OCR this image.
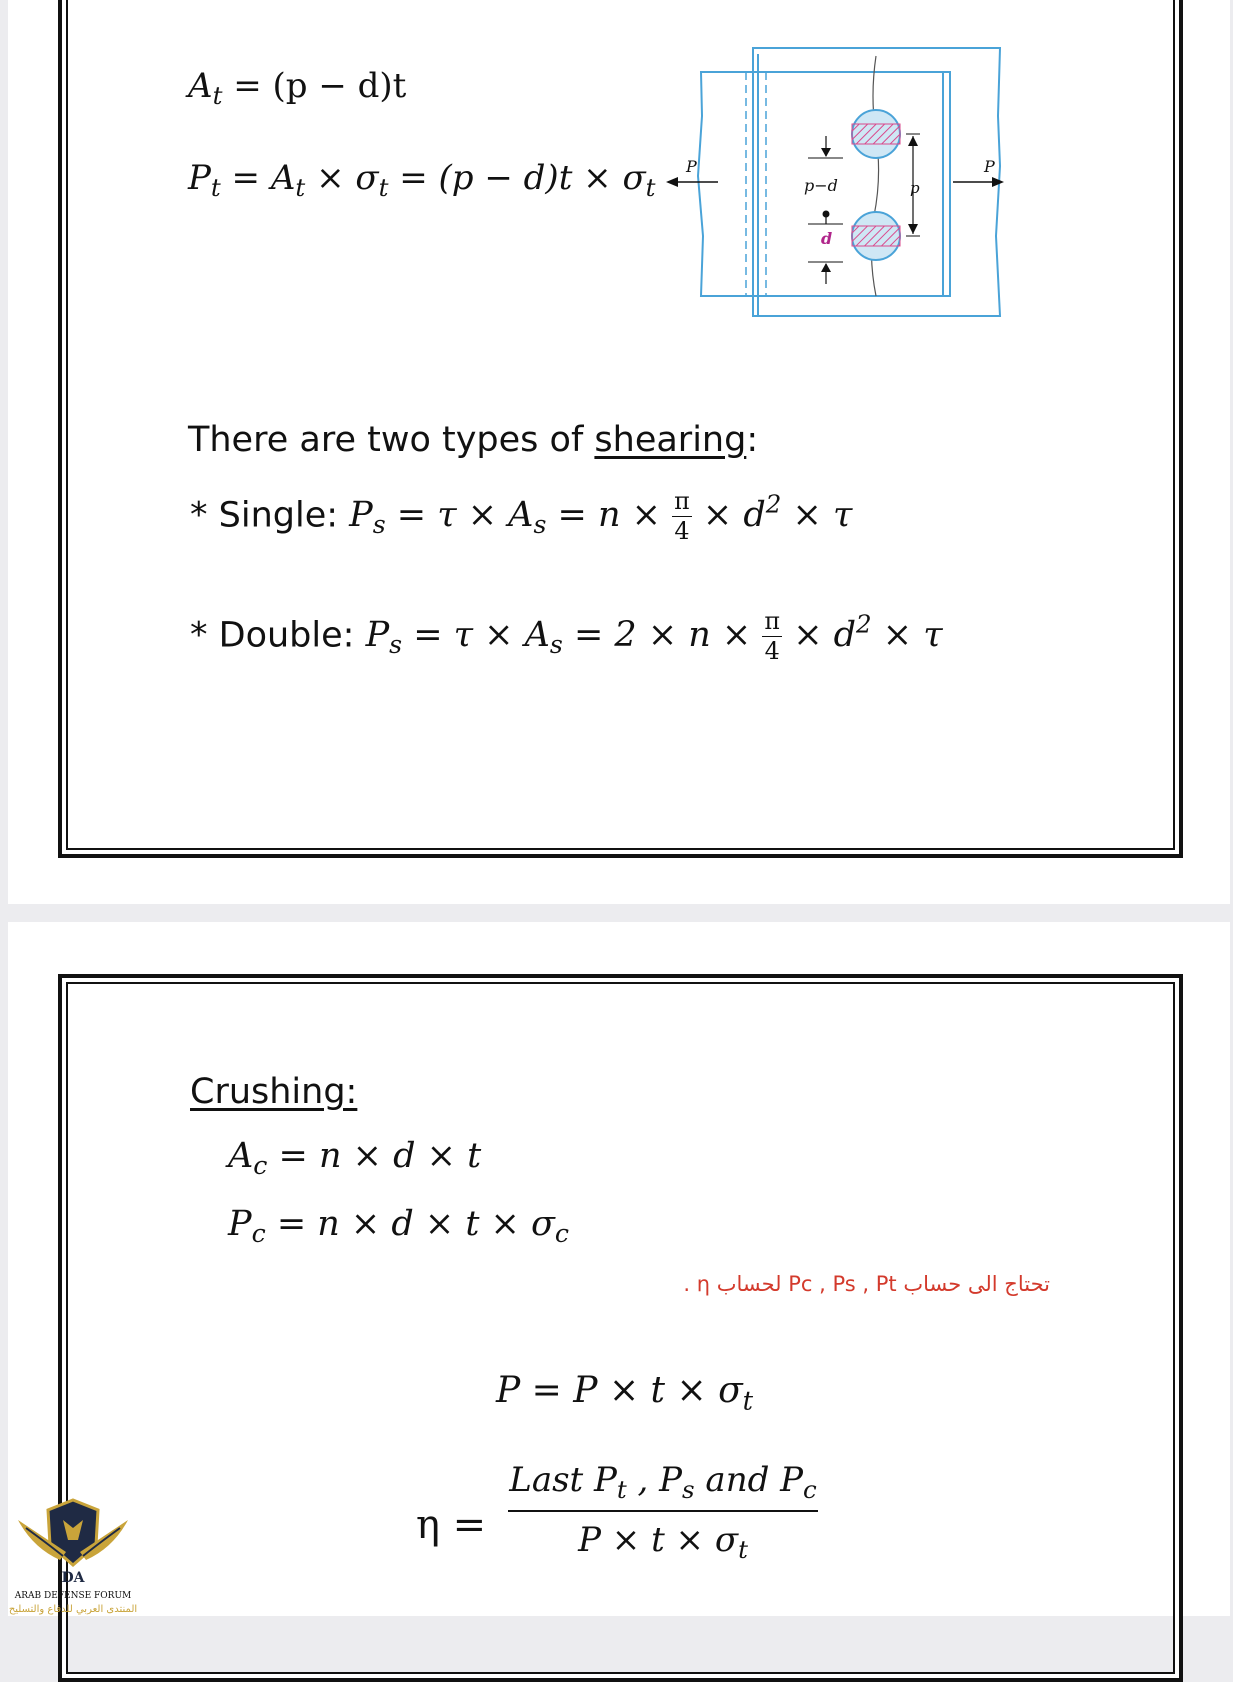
$A_t = (p - d)t$
$P_t = A_t \times \sigma_t = (p - d)t \times \sigma_t$
P	P
p−d	p
d
There are two types of shearing:
* Single: $P_s = \tau \times A_s = n \times \frac{\pi}{4} \times d^2 \times \tau$
* Double: $P_s = \tau \times A_s = 2 \times n \times \frac{\pi}{4} \times d^2 \times \tau$
Crushing:
$A_c = n \times d \times t$
$P_c = n \times d \times t \times \sigma_c$
تحتاج الى حساب Pc , Ps , Pt لحساب η .
$P = P \times t \times \sigma_t$
η =
Last $P_t$ , $P_s$ and $P_c$
$P \times t \times \sigma_t$
DA
ARAB DEFENSE FORUM
المنتدى العربي للدفاع والتسليح
